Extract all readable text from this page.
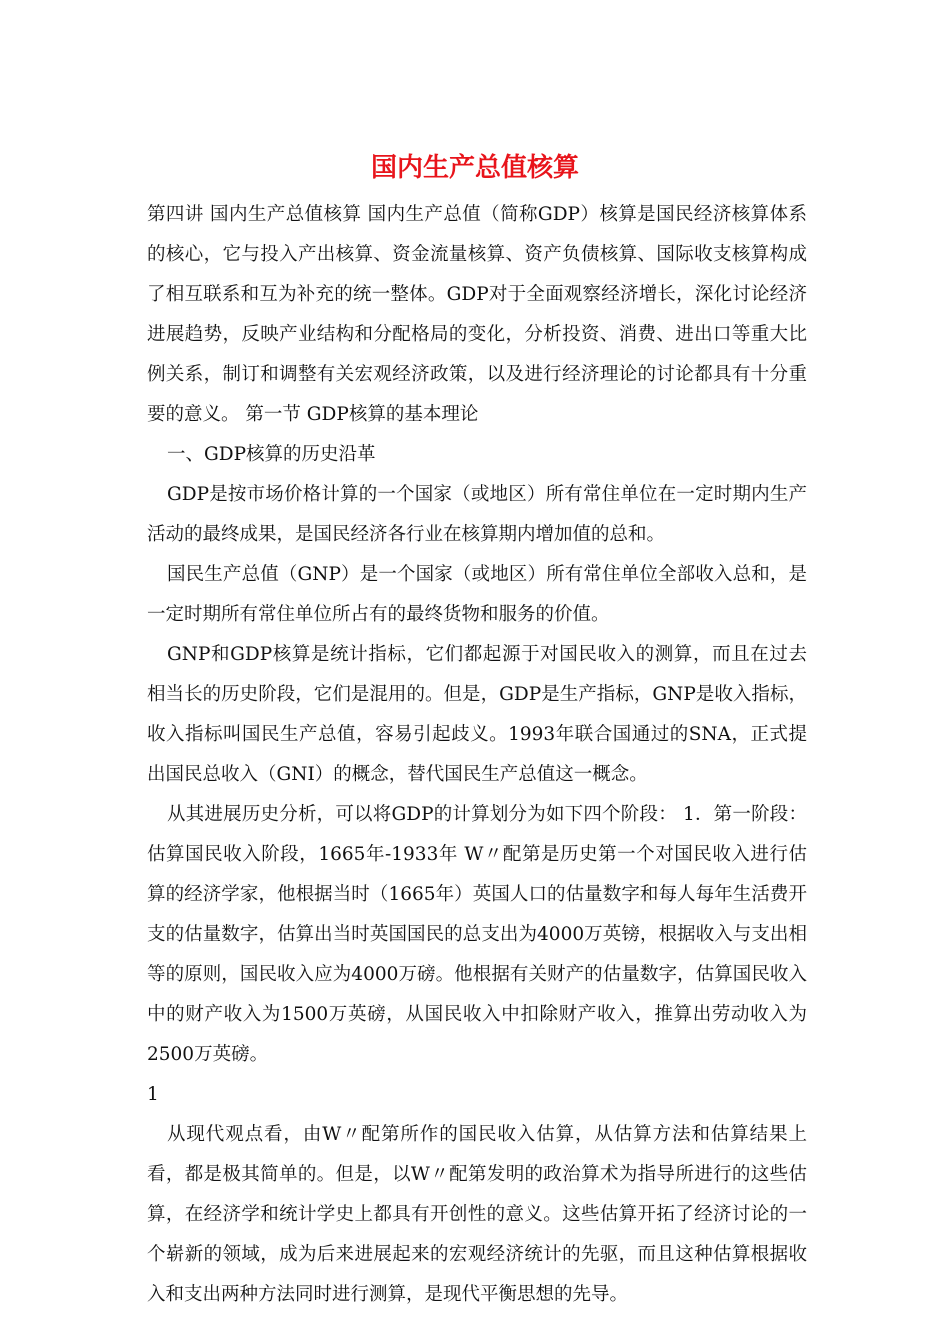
国内生产总值核算

第四讲 国内生产总值核算 国内生产总值（简称GDP）核算是国民经济核算体系的核心，它与投入产出核算、资金流量核算、资产负债核算、国际收支核算构成了相互联系和互为补充的统一整体。GDP对于全面观察经济增长，深化讨论经济进展趋势，反映产业结构和分配格局的变化，分析投资、消费、进出口等重大比例关系，制订和调整有关宏观经济政策，以及进行经济理论的讨论都具有十分重要的意义。 第一节 GDP核算的基本理论

一、GDP核算的历史沿革

GDP是按市场价格计算的一个国家（或地区）所有常住单位在一定时期内生产活动的最终成果，是国民经济各行业在核算期内增加值的总和。

国民生产总值（GNP）是一个国家（或地区）所有常住单位全部收入总和，是一定时期所有常住单位所占有的最终货物和服务的价值。

GNP和GDP核算是统计指标，它们都起源于对国民收入的测算，而且在过去相当长的历史阶段，它们是混用的。但是，GDP是生产指标，GNP是收入指标，收入指标叫国民生产总值，容易引起歧义。1993年联合国通过的SNA，正式提出国民总收入（GNI）的概念，替代国民生产总值这一概念。

从其进展历史分析，可以将GDP的计算划分为如下四个阶段： 1．第一阶段：估算国民收入阶段，1665年-1933年 W〃配第是历史第一个对国民收入进行估算的经济学家，他根据当时（1665年）英国人口的估量数字和每人每年生活费开支的估量数字，估算出当时英国国民的总支出为4000万英镑，根据收入与支出相等的原则，国民收入应为4000万磅。他根据有关财产的估量数字，估算国民收入中的财产收入为1500万英磅，从国民收入中扣除财产收入，推算出劳动收入为2500万英磅。

1

从现代观点看，由W〃配第所作的国民收入估算，从估算方法和估算结果上看，都是极其简单的。但是，以W〃配第发明的政治算术为指导所进行的这些估算，在经济学和统计学史上都具有开创性的意义。这些估算开拓了经济讨论的一个崭新的领域，成为后来进展起来的宏观经济统计的先驱，而且这种估算根据收入和支出两种方法同时进行测算，是现代平衡思想的先导。
